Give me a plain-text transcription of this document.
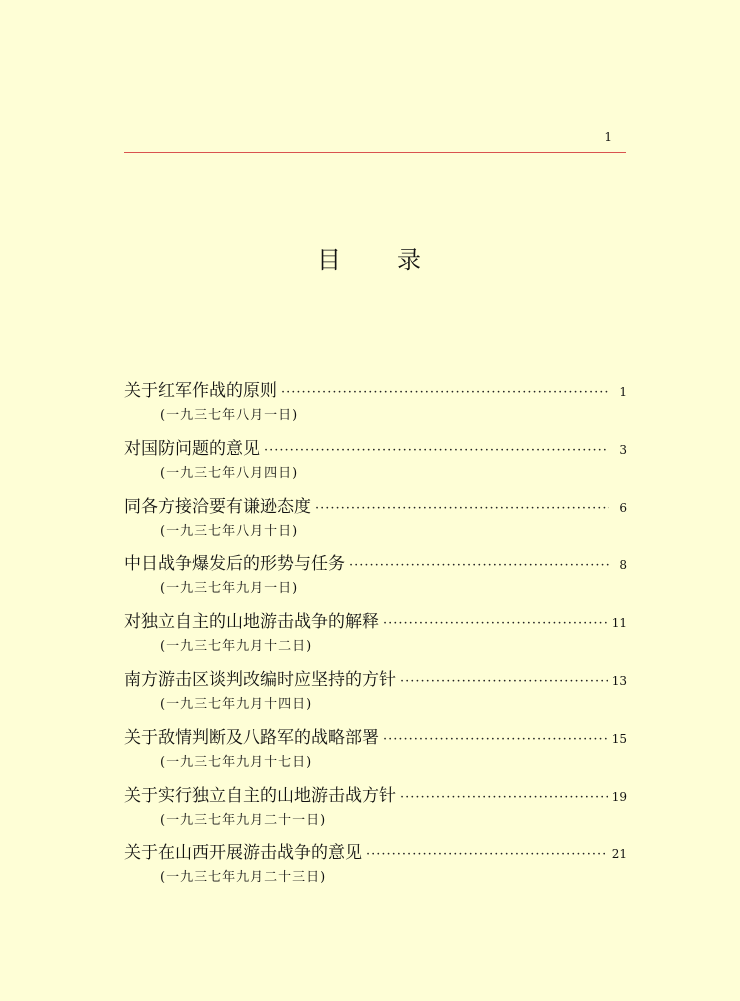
1
目 录
关于红军作战的原则 ·····	1
(一九三七年八月一日)
对国防问题的意见 ·····	3
(一九三七年八月四日)
同各方接洽要有谦逊态度 ·····	6
(一九三七年八月十日)
中日战争爆发后的形势与任务 ·····	8
(一九三七年九月一日)
对独立自主的山地游击战争的解释 ·····	11
(一九三七年九月十二日)
南方游击区谈判改编时应坚持的方针 ·····	13
(一九三七年九月十四日)
关于敌情判断及八路军的战略部署 ·····	15
(一九三七年九月十七日)
关于实行独立自主的山地游击战方针 ·····	19
(一九三七年九月二十一日)
关于在山西开展游击战争的意见 ·····	21
(一九三七年九月二十三日)
